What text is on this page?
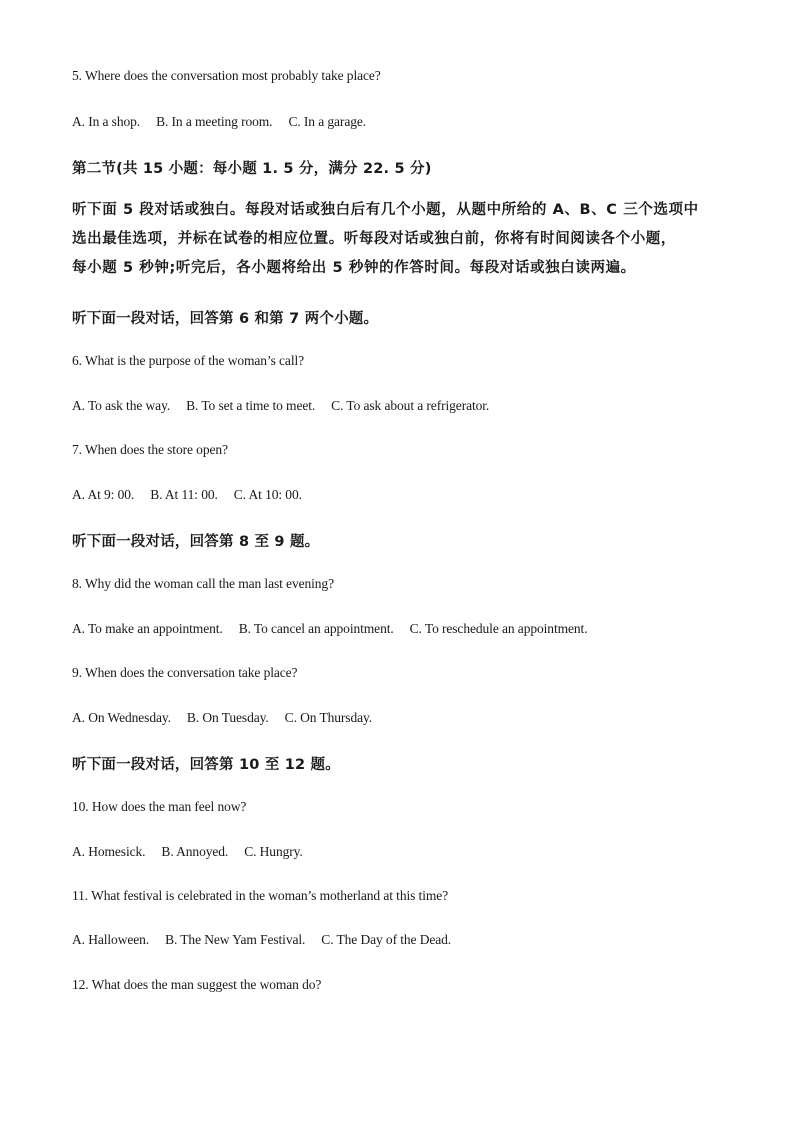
5. Where does the conversation most probably take place?
A. In a shop. B. In a meeting room. C. In a garage.
第二节(共 15 小题：每小题 1. 5 分，满分 22. 5 分)
听下面 5 段对话或独白。每段对话或独白后有几个小题，从题中所给的 A、B、C 三个选项中
选出最佳选项，并标在试卷的相应位置。听每段对话或独白前，你将有时间阅读各个小题，
每小题 5 秒钟;听完后，各小题将给出 5 秒钟的作答时间。每段对话或独白读两遍。
听下面一段对话，回答第 6 和第 7 两个小题。
6. What is the purpose of the woman’s call?
A. To ask the way. B. To set a time to meet. C. To ask about a refrigerator.
7. When does the store open?
A. At 9: 00. B. At 11: 00. C. At 10: 00.
听下面一段对话，回答第 8 至 9 题。
8. Why did the woman call the man last evening?
A. To make an appointment. B. To cancel an appointment. C. To reschedule an appointment.
9. When does the conversation take place?
A. On Wednesday. B. On Tuesday. C. On Thursday.
听下面一段对话，回答第 10 至 12 题。
10. How does the man feel now?
A. Homesick. B. Annoyed. C. Hungry.
11. What festival is celebrated in the woman’s motherland at this time?
A. Halloween. B. The New Yam Festival. C. The Day of the Dead.
12. What does the man suggest the woman do?
